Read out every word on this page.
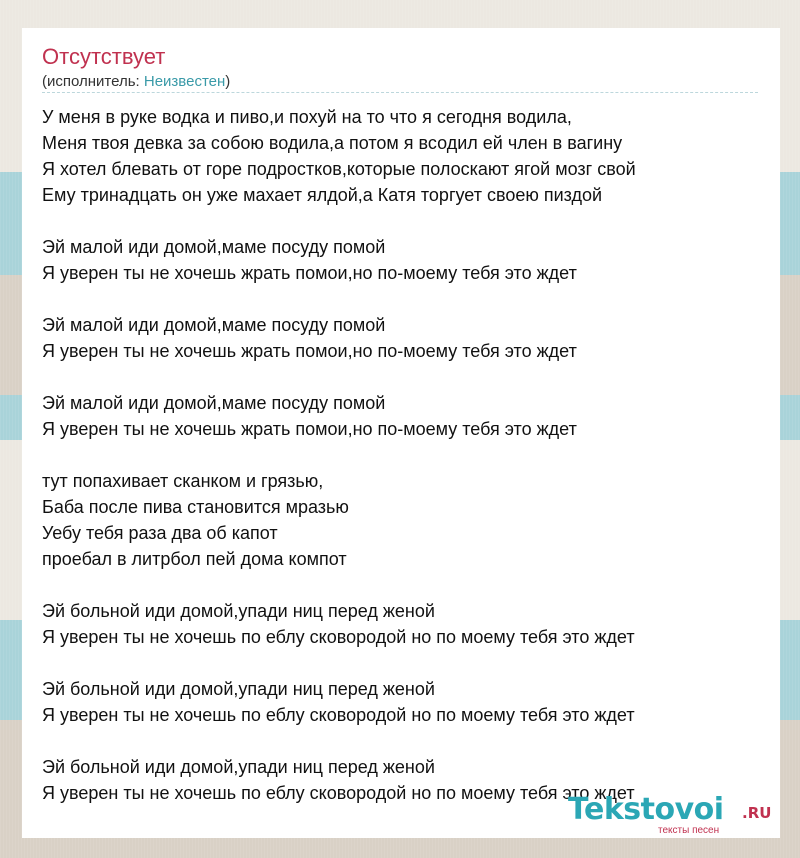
Отсутствует
(исполнитель: Неизвестен)
У меня в руке водка и пиво,и похуй на то что я сегодня водила,
Меня твоя девка за собою водила,а потом я всодил ей член в вагину
Я хотел блевать от горе подростков,которые полоскают ягой мозг свой
Ему тринадцать он уже махает ялдой,а Катя торгует своею пиздой
Эй малой иди домой,маме посуду помой
Я уверен ты не хочешь жрать помои,но по-моему тебя это ждет
Эй малой иди домой,маме посуду помой
Я уверен ты не хочешь жрать помои,но по-моему тебя это ждет
Эй малой иди домой,маме посуду помой
Я уверен ты не хочешь жрать помои,но по-моему тебя это ждет
тут попахивает сканком и грязью,
Баба после пива становится мразью
Уебу тебя раза два об капот
проебал в литрбол пей дома компот
Эй больной иди домой,упади ниц перед женой
Я уверен ты не хочешь по еблу сковородой но по моему тебя это ждет
Эй больной иди домой,упади ниц перед женой
Я уверен ты не хочешь по еблу сковородой но по моему тебя это ждет
Эй больной иди домой,упади ниц перед женой
Я уверен ты не хочешь по еблу сковородой но по моему тебя это ждет
Tekstovoi .RU
тексты песен
